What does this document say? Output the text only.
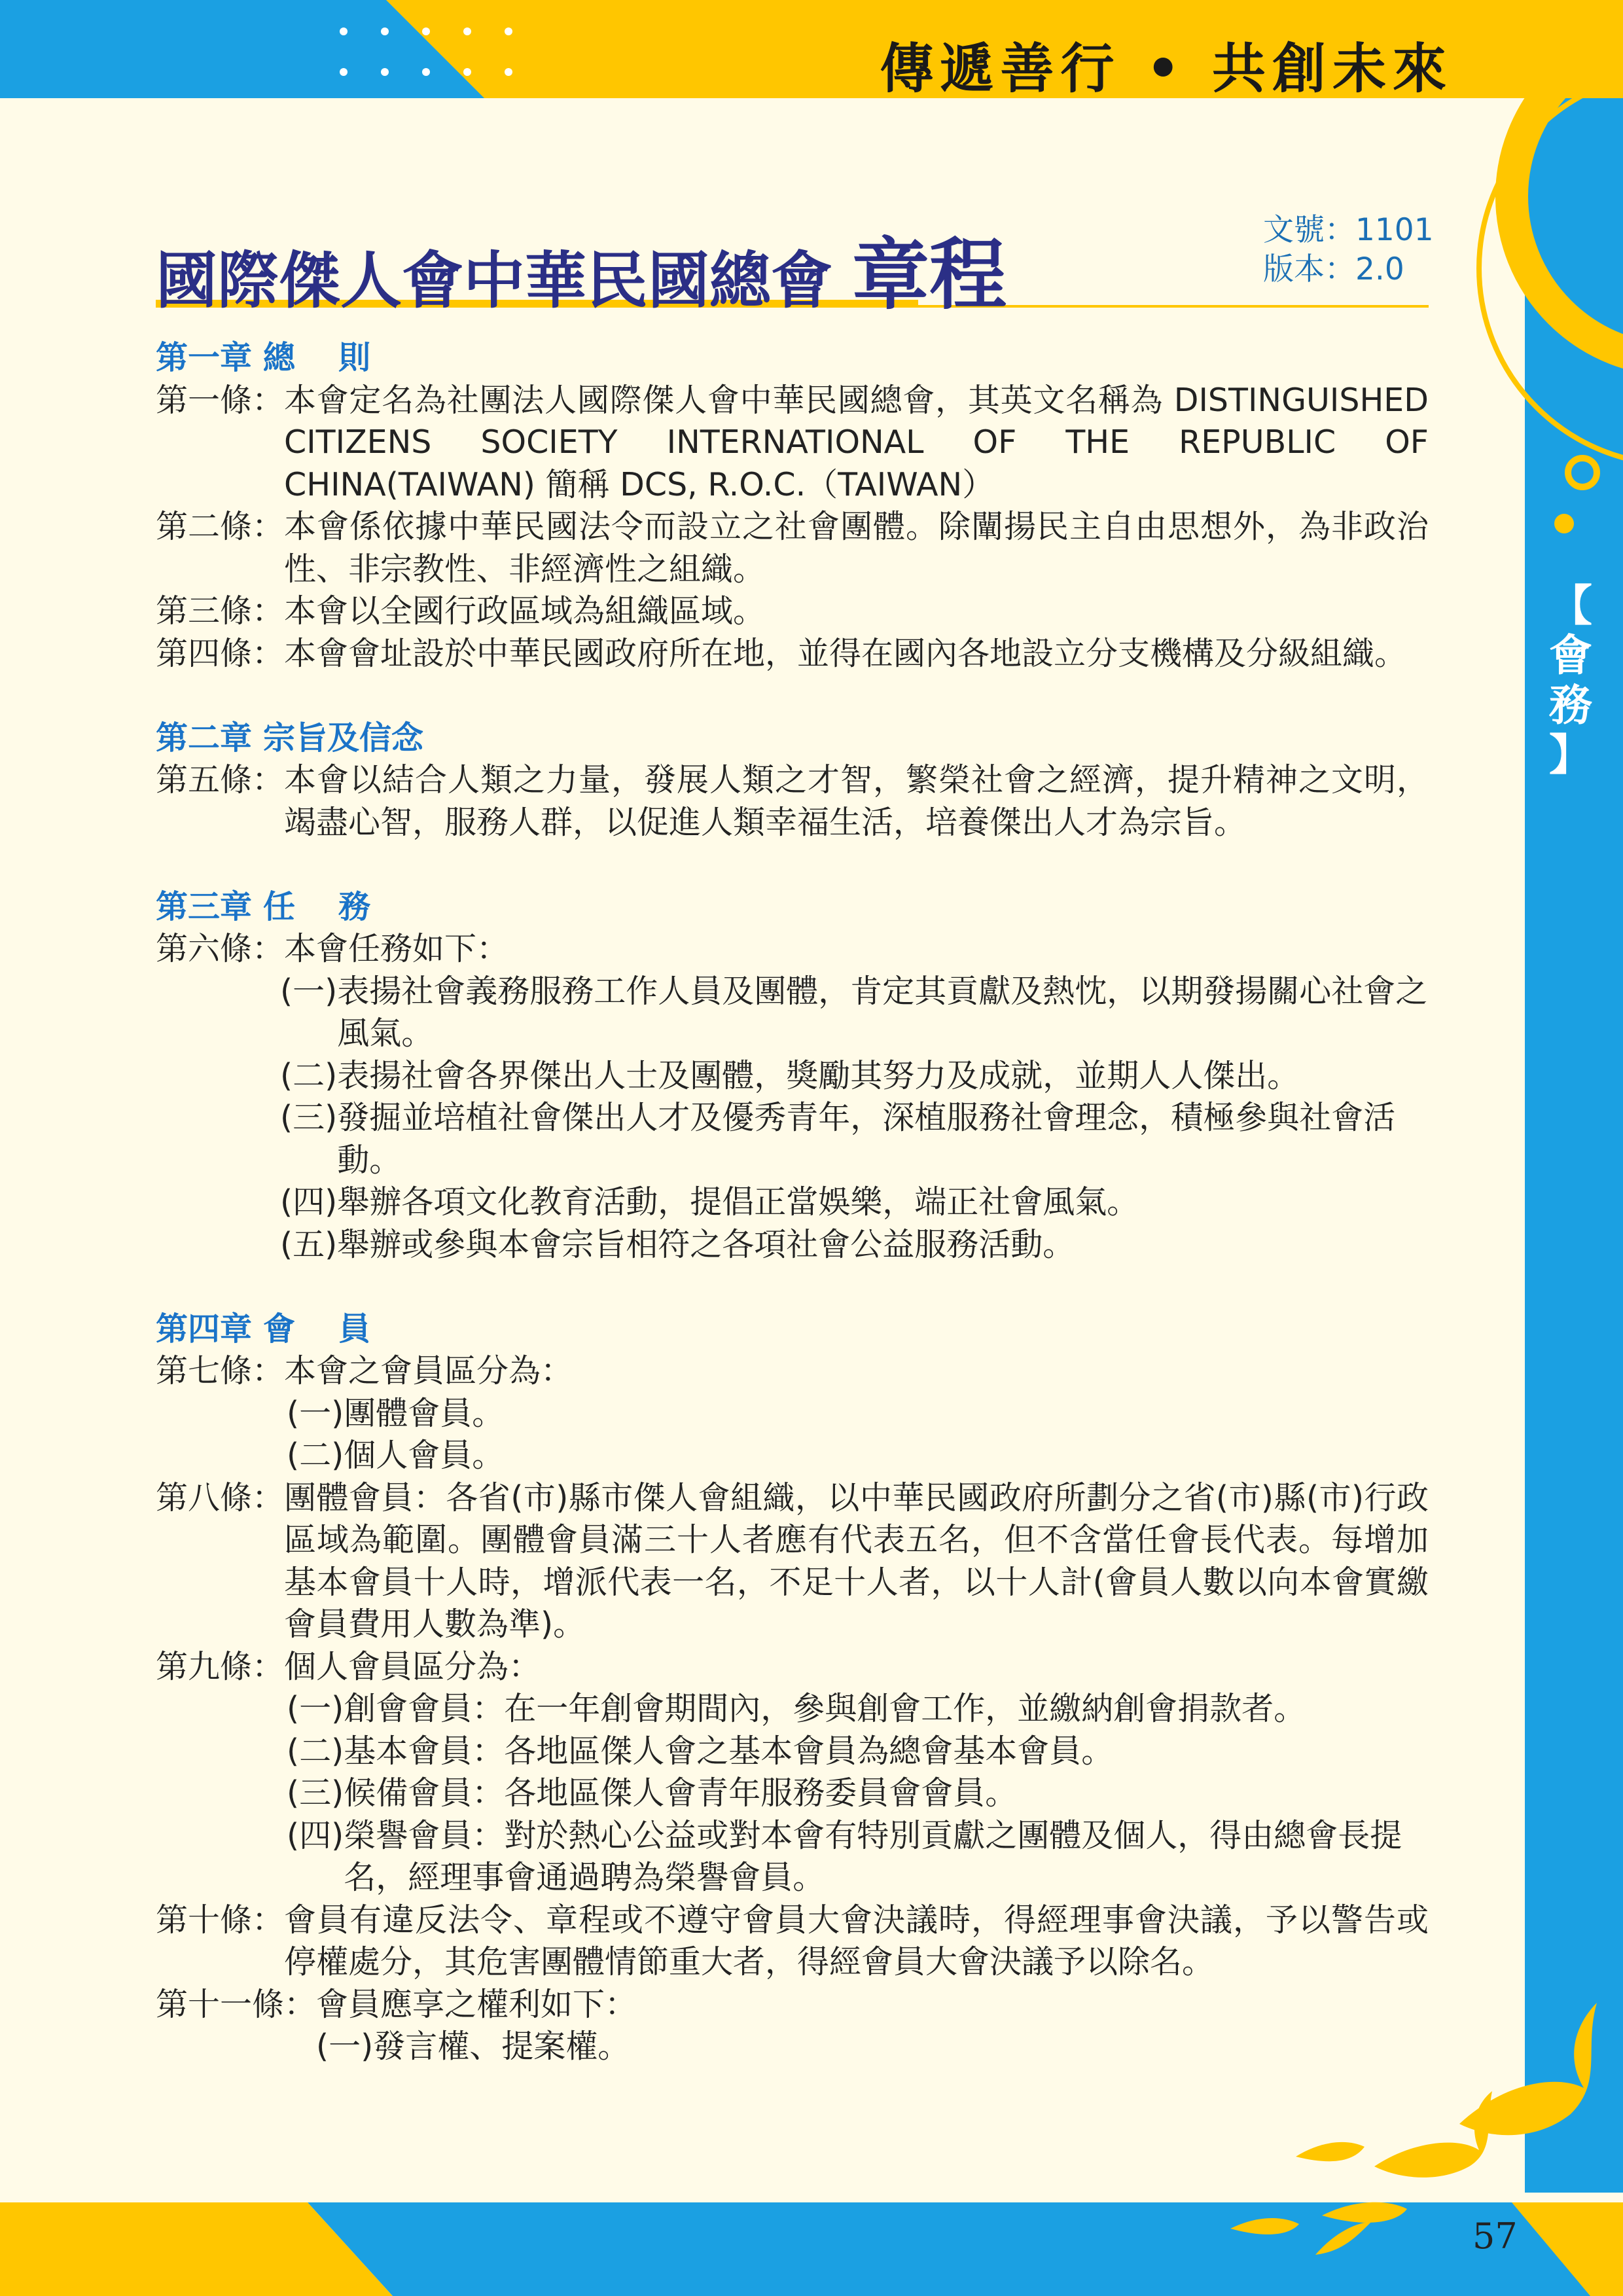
傳遞善行 • 共創未來
【
會
務
】
國際傑人會中華民國總會 章程	文號：1101
版本：2.0
第一章 總　 則
第一條： 本會定名為社團法人國際傑人會中華民國總會，其英文名稱為 DISTINGUISHED CITIZENS SOCIETY INTERNATIONAL OF THE REPUBLIC OF CHINA(TAIWAN) 簡稱 DCS, R.O.C.（TAIWAN）
第二條： 本會係依據中華民國法令而設立之社會團體。除闡揚民主自由思想外，為非政治性、非宗教性、非經濟性之組織。
第三條： 本會以全國行政區域為組織區域。
第四條： 本會會址設於中華民國政府所在地，並得在國內各地設立分支機構及分級組織。
第二章 宗旨及信念
第五條： 本會以結合人類之力量，發展人類之才智，繁榮社會之經濟，提升精神之文明，竭盡心智，服務人群，以促進人類幸福生活，培養傑出人才為宗旨。
第三章 任　 務
第六條： 本會任務如下：
(一) 表揚社會義務服務工作人員及團體，肯定其貢獻及熱忱，以期發揚關心社會之風氣。
(二) 表揚社會各界傑出人士及團體，獎勵其努力及成就，並期人人傑出。
(三) 發掘並培植社會傑出人才及優秀青年，深植服務社會理念，積極參與社會活動。
(四) 舉辦各項文化教育活動，提倡正當娛樂，端正社會風氣。
(五) 舉辦或參與本會宗旨相符之各項社會公益服務活動。
第四章 會　 員
第七條： 本會之會員區分為：
(一) 團體會員。
(二) 個人會員。
第八條： 團體會員：各省(市)縣市傑人會組織，以中華民國政府所劃分之省(市)縣(市)行政區域為範圍。團體會員滿三十人者應有代表五名，但不含當任會長代表。每增加基本會員十人時，增派代表一名，不足十人者，以十人計(會員人數以向本會實繳會員費用人數為準)。
第九條： 個人會員區分為：
(一) 創會會員：在一年創會期間內，參與創會工作，並繳納創會捐款者。
(二) 基本會員：各地區傑人會之基本會員為總會基本會員。
(三) 候備會員：各地區傑人會青年服務委員會會員。
(四) 榮譽會員：對於熱心公益或對本會有特別貢獻之團體及個人，得由總會長提名，經理事會通過聘為榮譽會員。
第十條： 會員有違反法令、章程或不遵守會員大會決議時，得經理事會決議，予以警告或停權處分，其危害團體情節重大者，得經會員大會決議予以除名。
第十一條： 會員應享之權利如下：
(一) 發言權、提案權。
57
